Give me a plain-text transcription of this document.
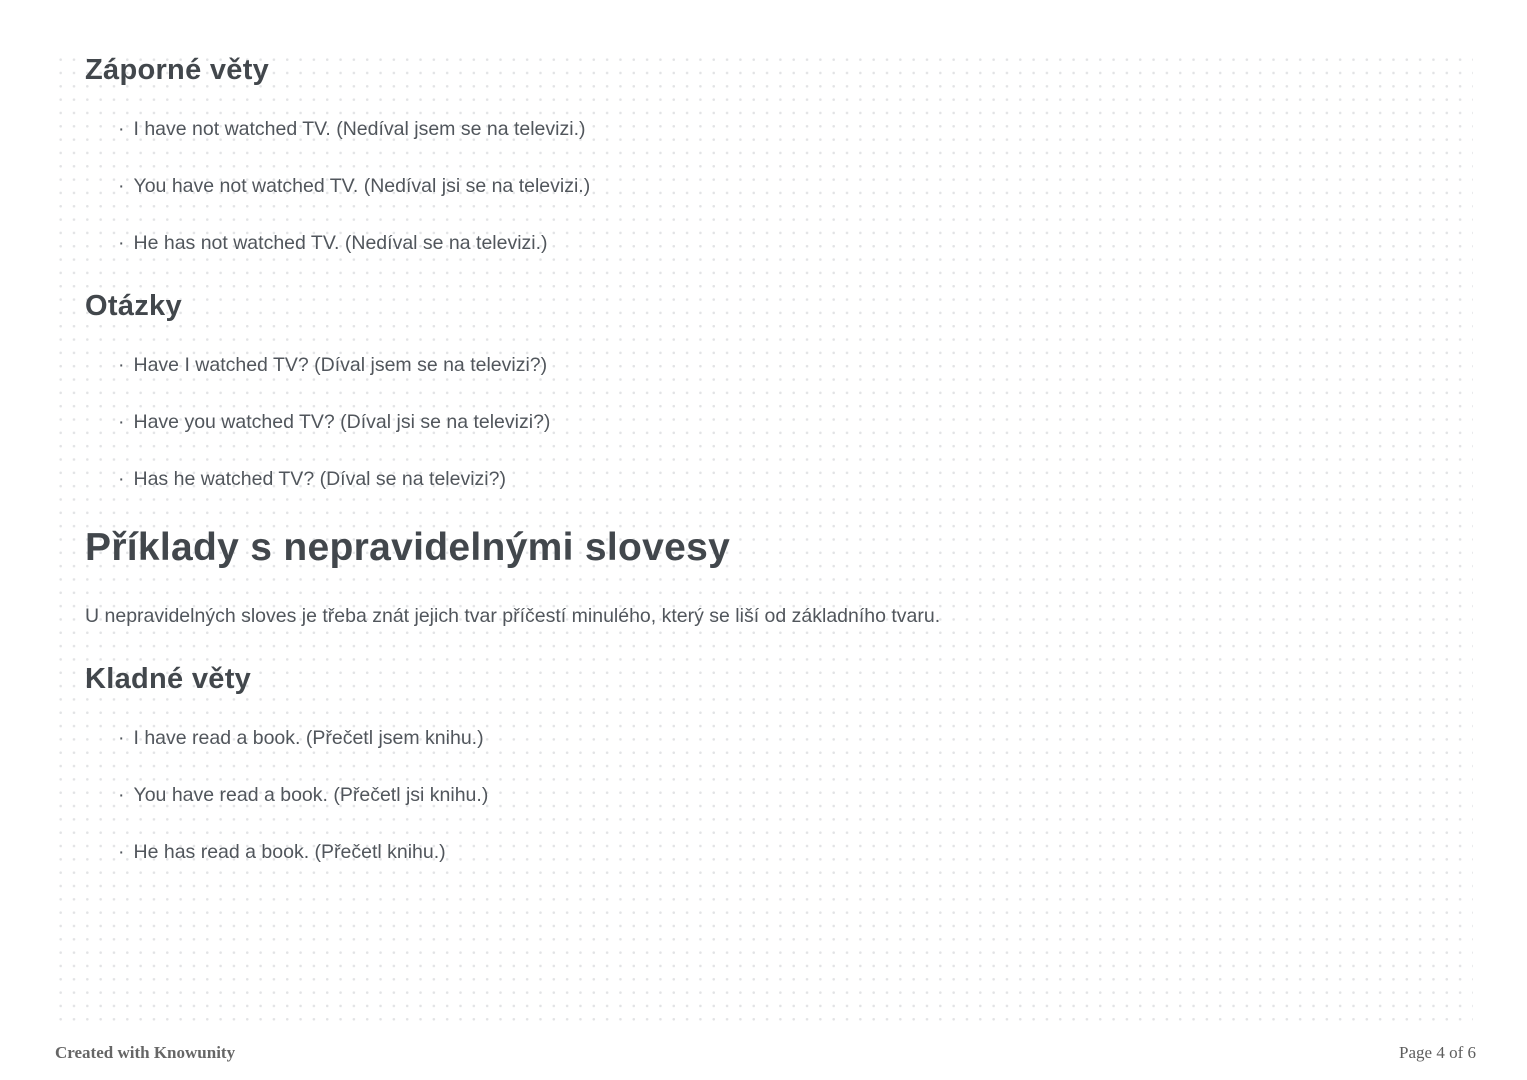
Záporné věty
· I have not watched TV. (Nedíval jsem se na televizi.)
· You have not watched TV. (Nedíval jsi se na televizi.)
· He has not watched TV. (Nedíval se na televizi.)
Otázky
· Have I watched TV? (Díval jsem se na televizi?)
· Have you watched TV? (Díval jsi se na televizi?)
· Has he watched TV? (Díval se na televizi?)
Příklady s nepravidelnými slovesy

U nepravidelných sloves je třeba znát jejich tvar příčestí minulého, který se liší od základního tvaru.

Kladné věty
· I have read a book. (Přečetl jsem knihu.)
· You have read a book. (Přečetl jsi knihu.)
· He has read a book. (Přečetl knihu.)
Created with Knowunity	Page 4 of 6
